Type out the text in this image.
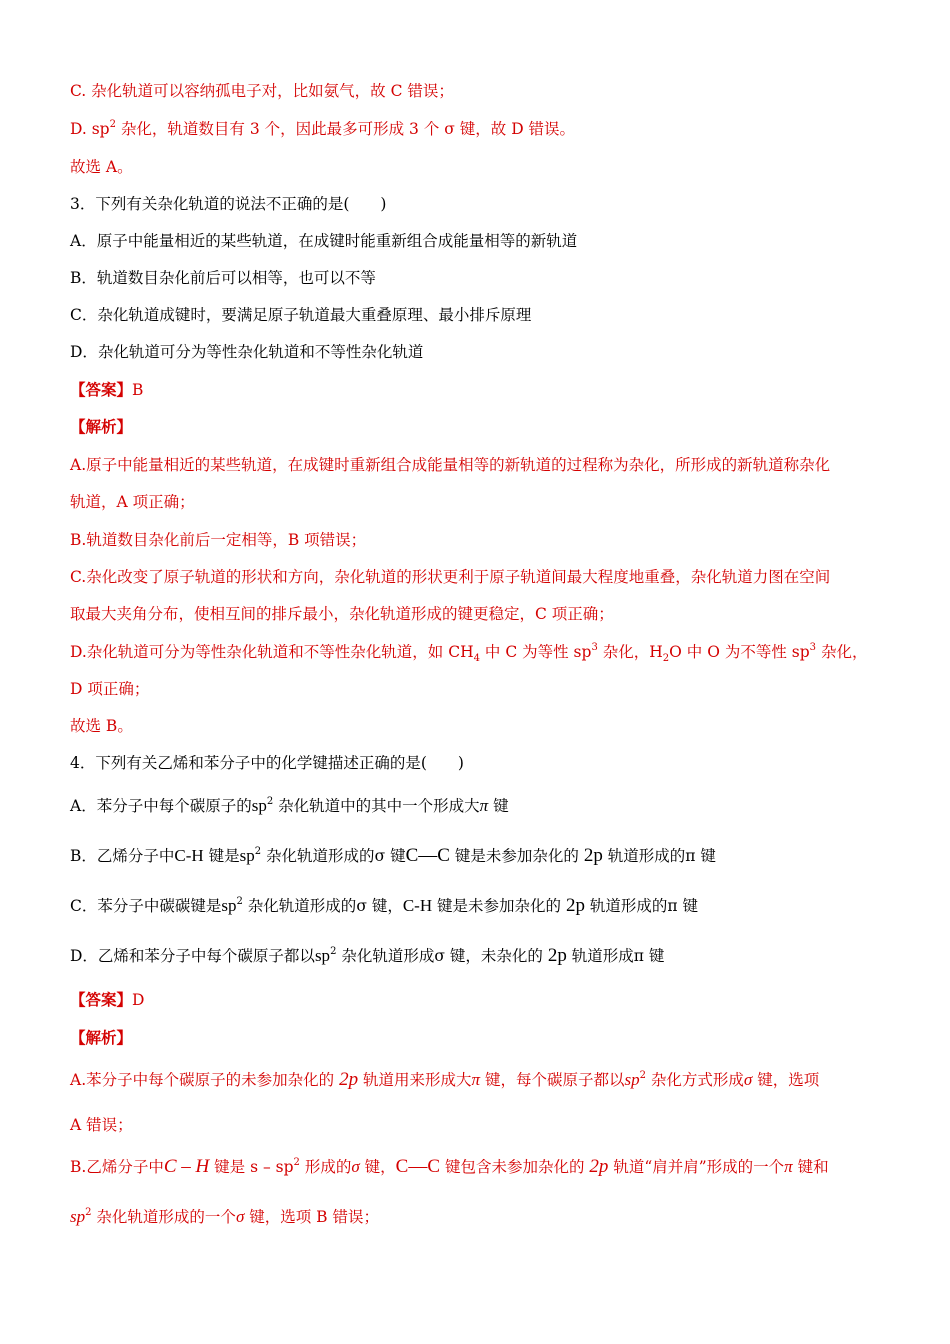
C. 杂化轨道可以容纳孤电子对，比如氨气，故 C 错误；
D. $sp^2$ 杂化，轨道数目有 3 个，因此最多可形成 3 个 σ 键，故 D 错误。
故选 A。
3．下列有关杂化轨道的说法不正确的是(　　)
A．原子中能量相近的某些轨道，在成键时能重新组合成能量相等的新轨道
B．轨道数目杂化前后可以相等，也可以不等
C．杂化轨道成键时，要满足原子轨道最大重叠原理、最小排斥原理
D．杂化轨道可分为等性杂化轨道和不等性杂化轨道
【答案】B
【解析】
A.原子中能量相近的某些轨道，在成键时重新组合成能量相等的新轨道的过程称为杂化，所形成的新轨道称杂化
轨道，A 项正确；
B.轨道数目杂化前后一定相等，B 项错误；
C.杂化改变了原子轨道的形状和方向，杂化轨道的形状更利于原子轨道间最大程度地重叠，杂化轨道力图在空间
取最大夹角分布，使相互间的排斥最小，杂化轨道形成的键更稳定，C 项正确；
D.杂化轨道可分为等性杂化轨道和不等性杂化轨道，如 $CH_4$ 中 C 为等性 $sp^3$ 杂化，$H_2O$ 中 O 为不等性 $sp^3$ 杂化，
D 项正确；
故选 B。
4．下列有关乙烯和苯分子中的化学键描述正确的是(　　)
A．苯分子中每个碳原子的$sp^2$ 杂化轨道中的其中一个形成大π 键
B．乙烯分子中C-H 键是$sp^2$ 杂化轨道形成的σ 键C—C 键是未参加杂化的 2p 轨道形成的π 键
C．苯分子中碳碳键是$sp^2$ 杂化轨道形成的σ 键，C-H 键是未参加杂化的 2p 轨道形成的π 键
D．乙烯和苯分子中每个碳原子都以$sp^2$ 杂化轨道形成σ 键，未杂化的 2p 轨道形成π 键
【答案】D
【解析】
A.苯分子中每个碳原子的未参加杂化的 2p 轨道用来形成大π 键，每个碳原子都以$sp^2$ 杂化方式形成σ 键，选项
A 错误；
B.乙烯分子中C – H 键是 s – $sp^2$ 形成的σ 键，C—C 键包含未参加杂化的 2p 轨道“肩并肩”形成的一个π 键和
$sp^2$ 杂化轨道形成的一个σ 键，选项 B 错误；
